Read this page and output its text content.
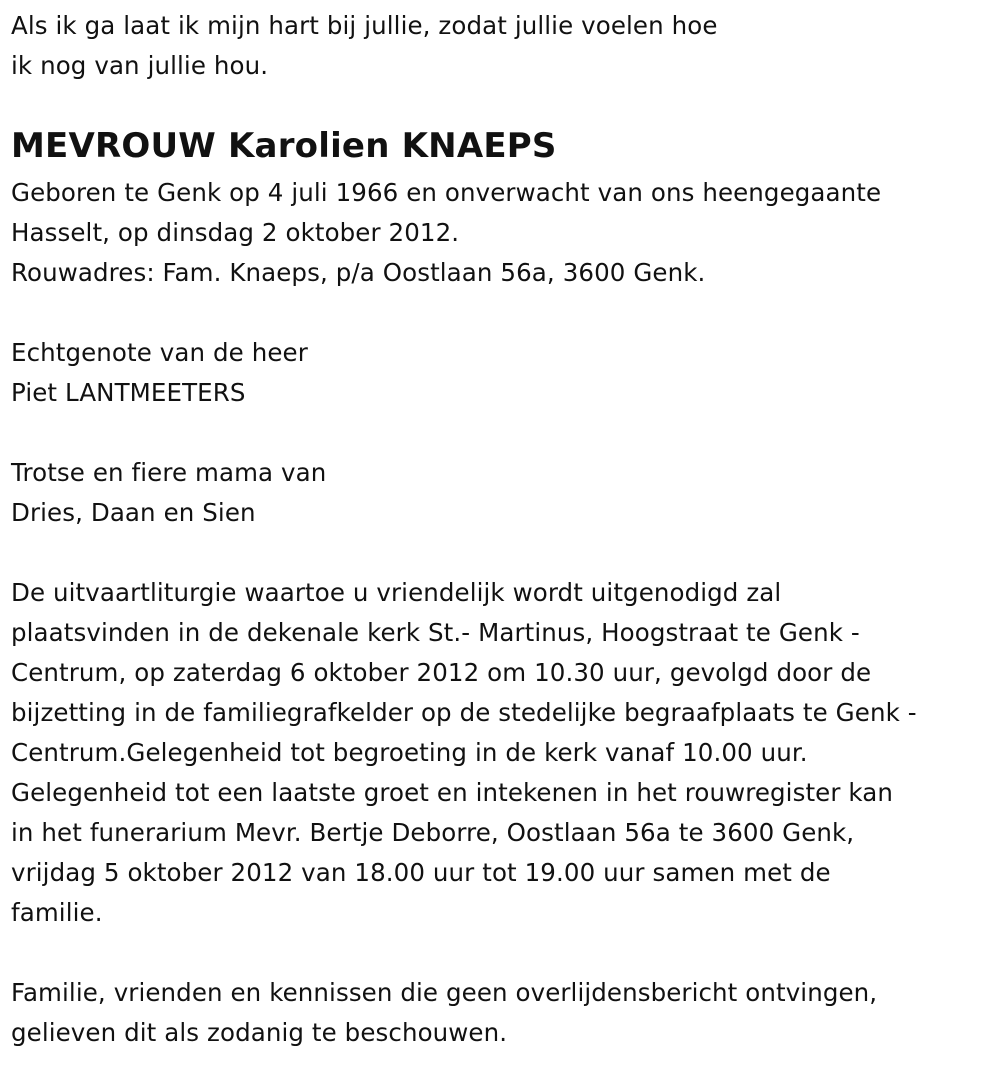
Als ik ga laat ik mijn hart bij jullie, zodat jullie voelen hoe
ik nog van jullie hou.
MEVROUW Karolien KNAEPS
Geboren te Genk op 4 juli 1966 en onverwacht van ons heengegaante
Hasselt, op dinsdag 2 oktober 2012.
Rouwadres: Fam. Knaeps, p/a Oostlaan 56a, 3600 Genk.
Echtgenote van de heer
Piet LANTMEETERS
Trotse en fiere mama van
Dries, Daan en Sien
De uitvaartliturgie waartoe u vriendelijk wordt uitgenodigd zal
plaatsvinden in de dekenale kerk St.- Martinus, Hoogstraat te Genk -
Centrum, op zaterdag 6 oktober 2012 om 10.30 uur, gevolgd door de
bijzetting in de familiegrafkelder op de stedelijke begraafplaats te Genk -
Centrum.Gelegenheid tot begroeting in de kerk vanaf 10.00 uur.
Gelegenheid tot een laatste groet en intekenen in het rouwregister kan
in het funerarium Mevr. Bertje Deborre, Oostlaan 56a te 3600 Genk,
vrijdag 5 oktober 2012 van 18.00 uur tot 19.00 uur samen met de
familie.
Familie, vrienden en kennissen die geen overlijdensbericht ontvingen,
gelieven dit als zodanig te beschouwen.
